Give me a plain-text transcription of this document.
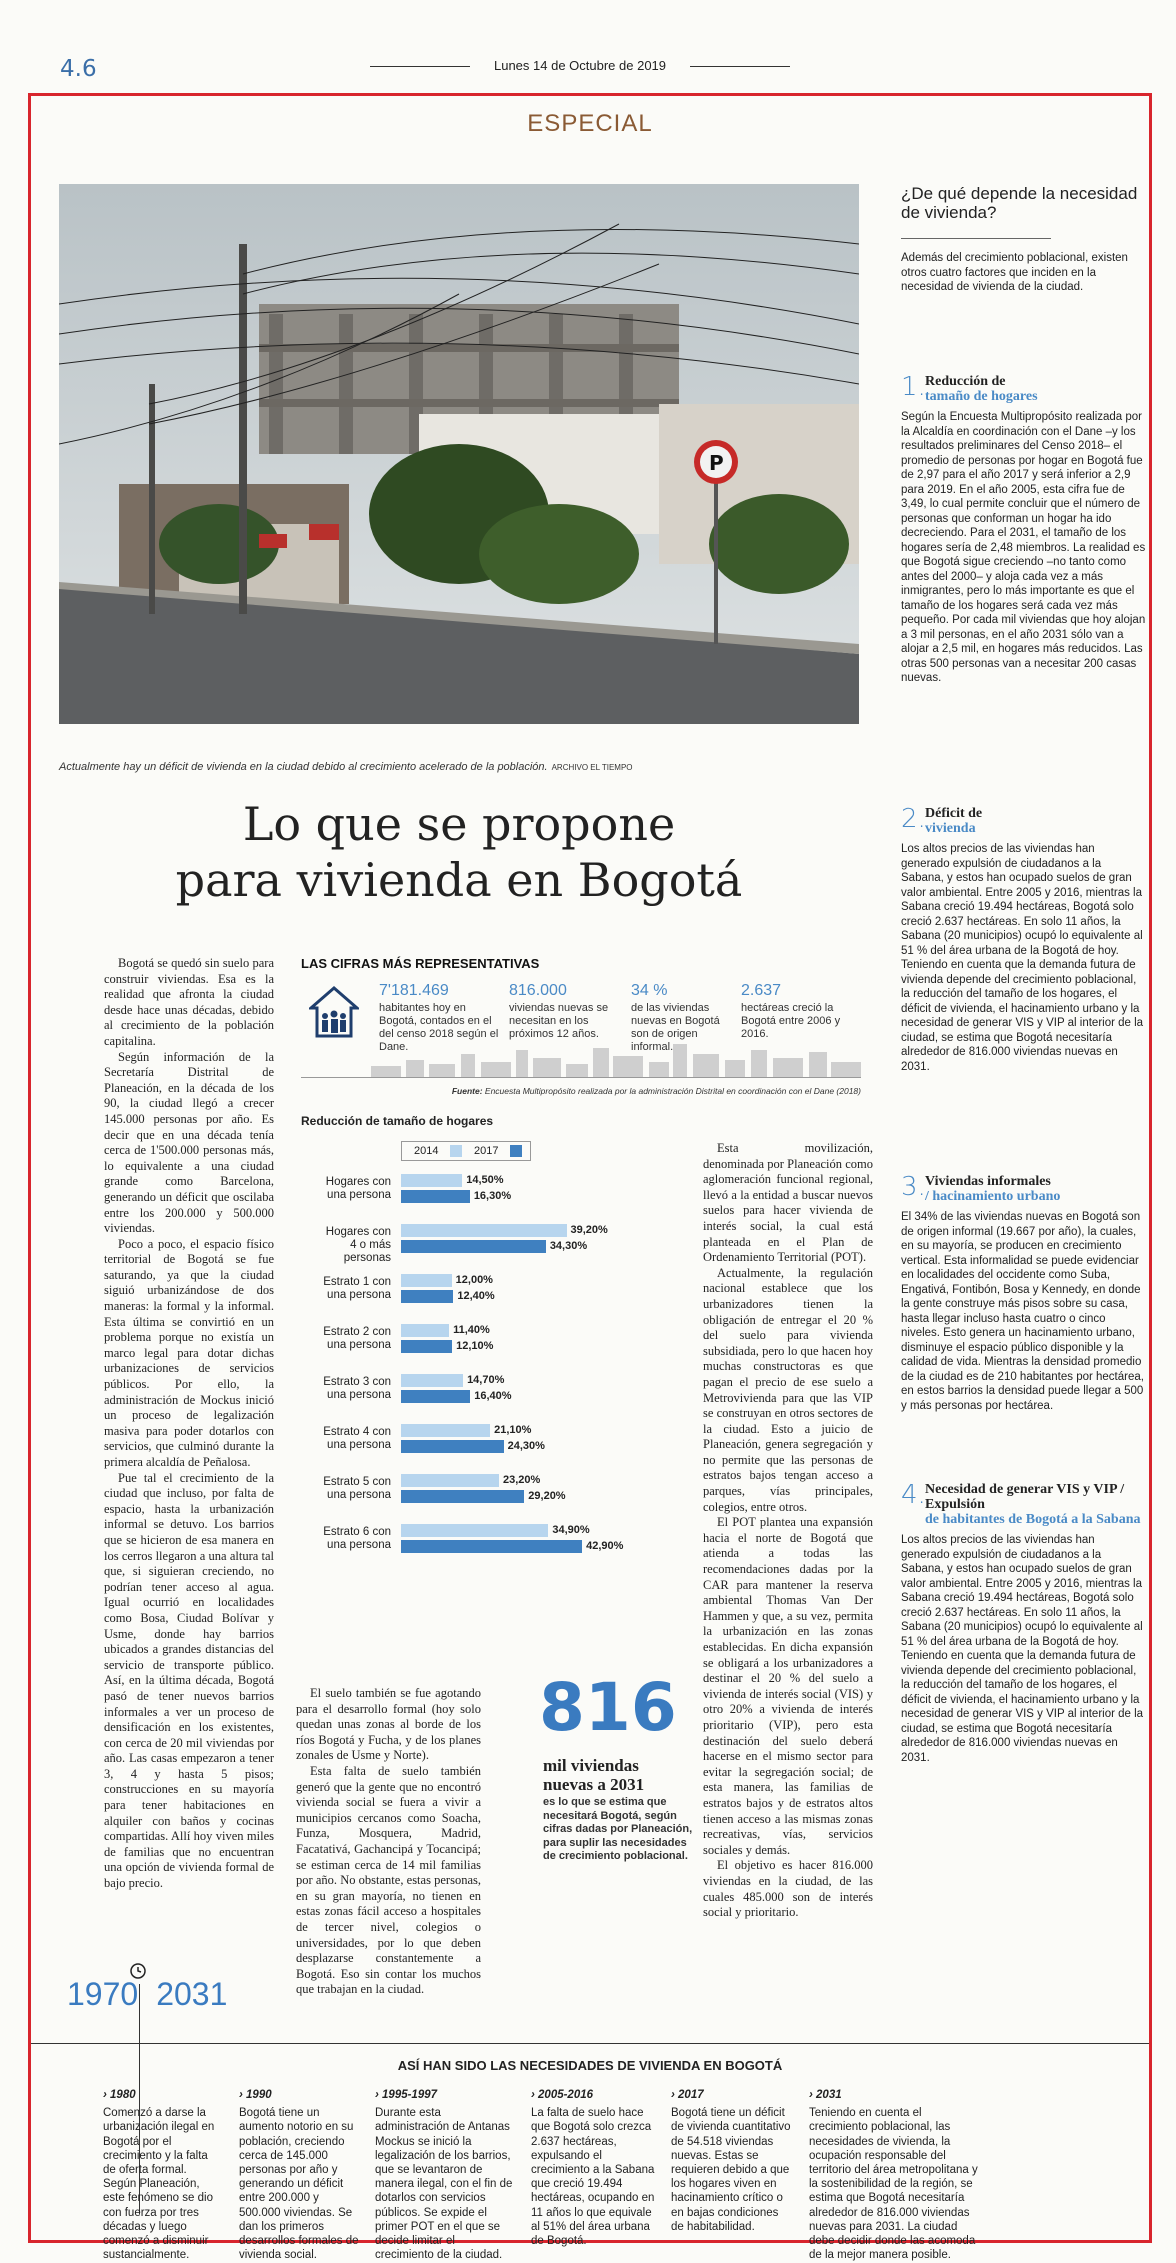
4.6	Lunes 14 de Octubre de 2019
ESPECIAL
P
Actualmente hay un déficit de vivienda en la ciudad debido al crecimiento acelerado de la población. ARCHIVO EL TIEMPO
Lo que se propone
para vivienda en Bogotá

Bogotá se quedó sin suelo para construir viviendas. Esa es la realidad que afronta la ciudad desde hace unas décadas, debido al crecimiento de la población capitalina.

Según información de la Secretaría Distrital de Planeación, en la década de los 90, la ciudad llegó a crecer 145.000 personas por año. Es decir que en una década tenía cerca de 1'500.000 personas más, lo equivalente a una ciudad grande como Barcelona, generando un déficit que oscilaba entre los 200.000 y 500.000 viviendas.

Poco a poco, el espacio físico territorial de Bogotá se fue saturando, ya que la ciudad siguió urbanizándose de dos maneras: la formal y la informal. Esta última se convirtió en un problema porque no existía un marco legal para dotar dichas urbanizaciones de servicios públicos. Por ello, la administración de Mockus inició un proceso de legalización masiva para poder dotarlos con servicios, que culminó durante la primera alcaldía de Peñalosa.

Pue tal el crecimiento de la ciudad que incluso, por falta de espacio, hasta la urbanización informal se detuvo. Los barrios que se hicieron de esa manera en los cerros llegaron a una altura tal que, si siguieran creciendo, no podrían tener acceso al agua. Igual ocurrió en localidades como Bosa, Ciudad Bolívar y Usme, donde hay barrios ubicados a grandes distancias del servicio de transporte público. Así, en la última década, Bogotá pasó de tener nuevos barrios informales a ver un proceso de densificación en los existentes, con cerca de 20 mil viviendas por año. Las casas empezaron a tener 3, 4 y hasta 5 pisos; construcciones en su mayoría para tener habitaciones en alquiler con baños y cocinas compartidas. Allí hoy viven miles de familias que no encuentran una opción de vivienda formal de bajo precio.

LAS CIFRAS MÁS REPRESENTATIVAS
7'181.469
habitantes hoy en Bogotá, contados en el del censo 2018 según el Dane.
816.000
viviendas nuevas se necesitan en los próximos 12 años.
34 %
de las viviendas nuevas en Bogotá son de origen informal.
2.637
hectáreas creció la Bogotá entre 2006 y 2016.
Fuente: Encuesta Multipropósito realizada por la administración Distrital en coordinación con el Dane (2018)
Reducción de tamaño de hogares
2014	2017
Hogares con
una persona
14,50%
16,30%
Hogares con
4 o más personas
39,20%
34,30%
Estrato 1 con
una persona
12,00%
12,40%
Estrato 2 con
una persona
11,40%
12,10%
Estrato 3 con
una persona
14,70%
16,40%
Estrato 4 con
una persona
21,10%
24,30%
Estrato 5 con
una persona
23,20%
29,20%
Estrato 6 con
una persona
34,90%
42,90%

El suelo también se fue agotando para el desarrollo formal (hoy solo quedan unas zonas al borde de los ríos Bogotá y Fucha, y de los planes zonales de Usme y Norte).

Esta falta de suelo también generó que la gente que no encontró vivienda social se fuera a vivir a municipios cercanos como Soacha, Funza, Mosquera, Madrid, Facatativá, Gachancipá y Tocancipá; se estiman cerca de 14 mil familias por año. No obstante, estas personas, en su gran mayoría, no tienen en estas zonas fácil acceso a hospitales de tercer nivel, colegios o universidades, por lo que deben desplazarse constantemente a Bogotá. Eso sin contar los muchos que trabajan en la ciudad.

816
mil viviendas nuevas a 2031
es lo que se estima que necesitará Bogotá, según cifras dadas por Planeación, para suplir las necesidades de crecimiento poblacional.

Esta movilización, denominada por Planeación como aglomeración funcional regional, llevó a la entidad a buscar nuevos suelos para hacer vivienda de interés social, la cual está planteada en el Plan de Ordenamiento Territorial (POT).

Actualmente, la regulación nacional establece que los urbanizadores tienen la obligación de entregar el 20 % del suelo para vivienda subsidiada, pero lo que hacen hoy muchas constructoras es que pagan el precio de ese suelo a Metrovivienda para que las VIP se construyan en otros sectores de la ciudad. Esto a juicio de Planeación, genera segregación y no permite que las personas de estratos bajos tengan acceso a parques, vías principales, colegios, entre otros.

El POT plantea una expansión hacia el norte de Bogotá que atienda a todas las recomendaciones dadas por la CAR para mantener la reserva ambiental Thomas Van Der Hammen y que, a su vez, permita la urbanización en las zonas establecidas. En dicha expansión se obligará a los urbanizadores a destinar el 20 % del suelo a vivienda de interés social (VIS) y otro 20% a vivienda de interés prioritario (VIP), pero esta destinación del suelo deberá hacerse en el mismo sector para evitar la segregación social; de esta manera, las familias de estratos bajos y de estratos altos tienen acceso a las mismas zonas recreativas, vías, servicios sociales y demás.

El objetivo es hacer 816.000 viviendas en la ciudad, de las cuales 485.000 son de interés social y prioritario.

¿De qué depende la necesidad de vivienda?
Además del crecimiento poblacional, existen otros cuatro factores que inciden en la necesidad de vivienda de la ciudad.
1. Reducción de
tamaño de hogares
Según la Encuesta Multipropósito realizada por la Alcaldía en coordinación con el Dane –y los resultados preliminares del Censo 2018– el promedio de personas por hogar en Bogotá fue de 2,97 para el año 2017 y será inferior a 2,9 para 2019. En el año 2005, esta cifra fue de 3,49, lo cual permite concluir que el número de personas que conforman un hogar ha ido decreciendo. Para el 2031, el tamaño de los hogares sería de 2,48 miembros. La realidad es que Bogotá sigue creciendo –no tanto como antes del 2000– y aloja cada vez a más inmigrantes, pero lo más importante es que el tamaño de los hogares será cada vez más pequeño. Por cada mil viviendas que hoy alojan a 3 mil personas, en el año 2031 sólo van a alojar a 2,5 mil, en hogares más reducidos. Las otras 500 personas van a necesitar 200 casas nuevas.
2. Déficit de
vivienda
Los altos precios de las viviendas han generado expulsión de ciudadanos a la Sabana, y estos han ocupado suelos de gran valor ambiental. Entre 2005 y 2016, mientras la Sabana creció 19.494 hectáreas, Bogotá solo creció 2.637 hectáreas. En solo 11 años, la Sabana (20 municipios) ocupó lo equivalente al 51 % del área urbana de la Bogotá de hoy. Teniendo en cuenta que la demanda futura de vivienda depende del crecimiento poblacional, la reducción del tamaño de los hogares, el déficit de vivienda, el hacinamiento urbano y la necesidad de generar VIS y VIP al interior de la ciudad, se estima que Bogotá necesitaría alrededor de 816.000 viviendas nuevas en 2031.
3. Viviendas informales
/ hacinamiento urbano
El 34% de las viviendas nuevas en Bogotá son de origen informal (19.667 por año), la cuales, en su mayoría, se producen en crecimiento vertical. Esta informalidad se puede evidenciar en localidades del occidente como Suba, Engativá, Fontibón, Bosa y Kennedy, en donde la gente construye más pisos sobre su casa, hasta llegar incluso hasta cuatro o cinco niveles. Esto genera un hacinamiento urbano, disminuye el espacio público disponible y la calidad de vida. Mientras la densidad promedio de la ciudad es de 210 habitantes por hectárea, en estos barrios la densidad puede llegar a 500 y más personas por hectárea.
4. Necesidad de generar VIS y VIP / Expulsión
de habitantes de Bogotá a la Sabana
Los altos precios de las viviendas han generado expulsión de ciudadanos a la Sabana, y estos han ocupado suelos de gran valor ambiental. Entre 2005 y 2016, mientras la Sabana creció 19.494 hectáreas, Bogotá solo creció 2.637 hectáreas. En solo 11 años, la Sabana (20 municipios) ocupó lo equivalente al 51 % del área urbana de la Bogotá de hoy. Teniendo en cuenta que la demanda futura de vivienda depende del crecimiento poblacional, la reducción del tamaño de los hogares, el déficit de vivienda, el hacinamiento urbano y la necesidad de generar VIS y VIP al interior de la ciudad, se estima que Bogotá necesitaría alrededor de 816.000 viviendas nuevas en 2031.
1970 2031
ASÍ HAN SIDO LAS NECESIDADES DE VIVIENDA EN BOGOTÁ
› 1980
Comenzó a darse la urbanización ilegal en Bogotá por el crecimiento y la falta de oferta formal. Según Planeación, este fenómeno se dio con fuerza por tres décadas y luego comenzó a disminuir sustancialmente.
› 1990
Bogotá tiene un aumento notorio en su población, creciendo cerca de 145.000 personas por año y generando un déficit entre 200.000 y 500.000 viviendas. Se dan los primeros desarrollos formales de vivienda social.
› 1995-1997
Durante esta administración de Antanas Mockus se inició la legalización de los barrios, que se levantaron de manera ilegal, con el fin de dotarlos con servicios públicos. Se expide el primer POT en el que se decide limitar el crecimiento de la ciudad.
› 2005-2016
La falta de suelo hace que Bogotá solo crezca 2.637 hectáreas, expulsando el crecimiento a la Sabana que creció 19.494 hectáreas, ocupando en 11 años lo que equivale al 51% del área urbana de Bogotá.
› 2017
Bogotá tiene un déficit de vivienda cuantitativo de 54.518 viviendas nuevas. Estas se requieren debido a que los hogares viven en hacinamiento crítico o en bajas condiciones de habitabilidad.
› 2031
Teniendo en cuenta el crecimiento poblacional, las necesidades de vivienda, la ocupación responsable del territorio del área metropolitana y la sostenibilidad de la región, se estima que Bogotá necesitaría alrededor de 816.000 viviendas nuevas para 2031. La ciudad debe decidir donde las acomoda de la mejor manera posible.
